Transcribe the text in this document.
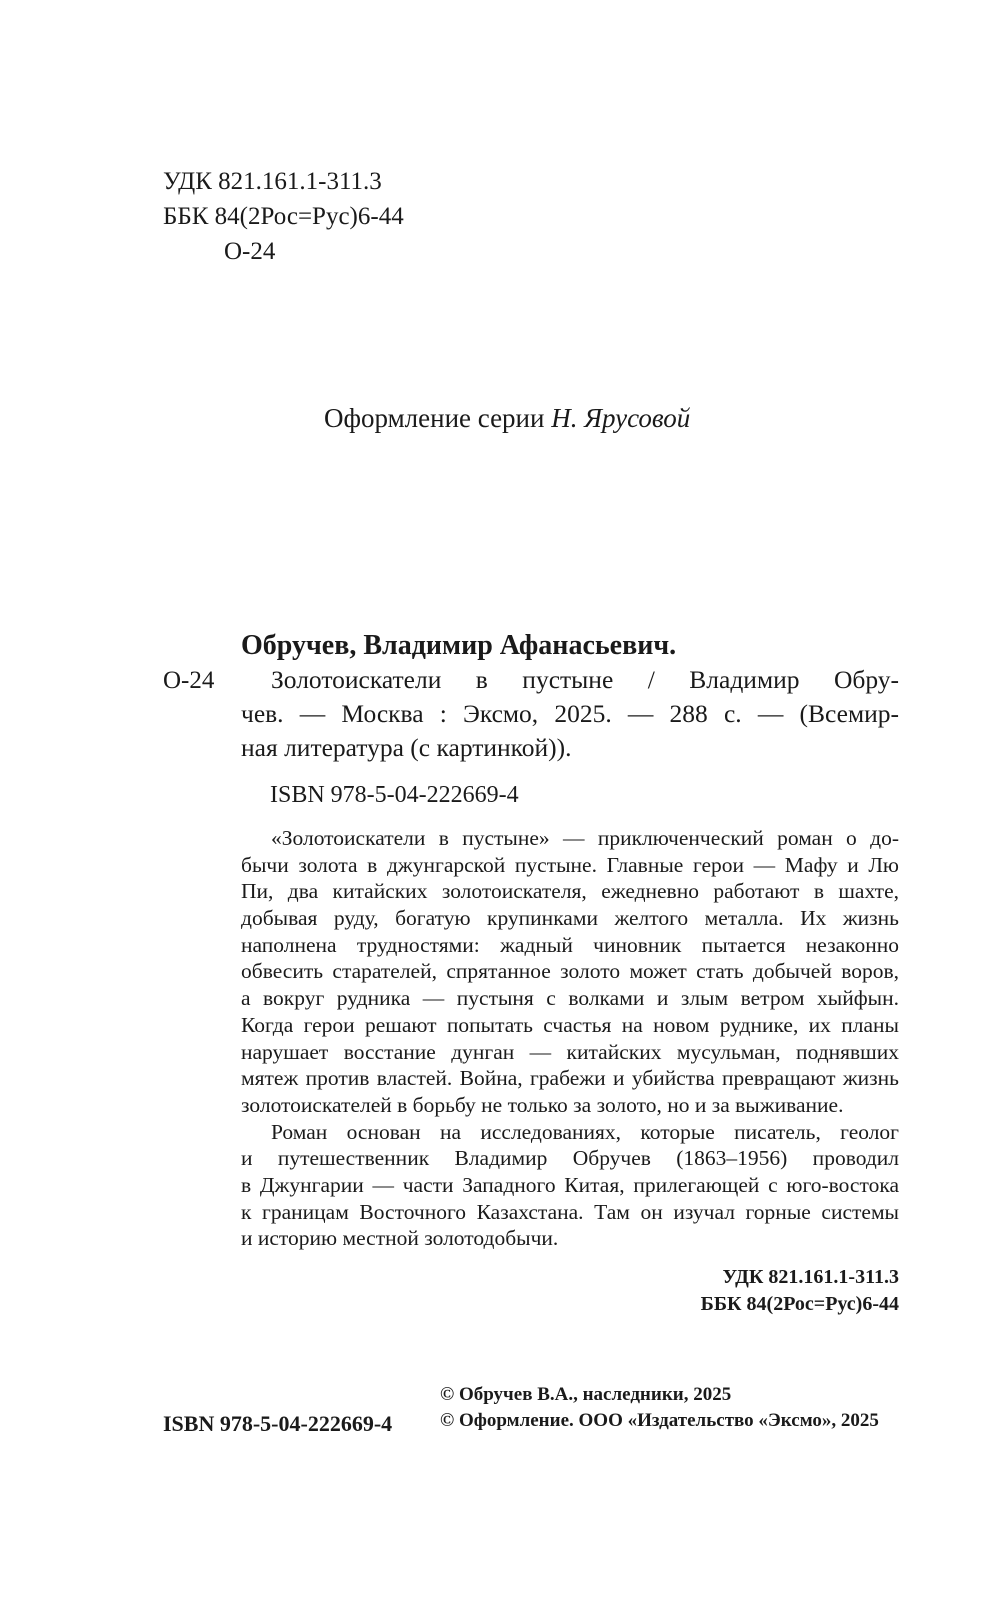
УДК 821.161.1-311.3
ББК 84(2Рос=Рус)6-44
О-24
Оформление серии Н. Ярусовой
Обручев, Владимир Афанасьевич.
О-24	Золотоискатели в пустыне / Владимир Обру-
чев. — Москва : Эксмо, 2025. — 288 с. — (Всемир-
ная литература (с картинкой)).
ISBN 978-5-04-222669-4
«Золотоискатели в пустыне» — приключенческий роман о до-
бычи золота в джунгарской пустыне. Главные герои — Мафу и Лю
Пи, два китайских золотоискателя, ежедневно работают в шахте,
добывая руду, богатую крупинками желтого металла. Их жизнь
наполнена трудностями: жадный чиновник пытается незаконно
обвесить старателей, спрятанное золото может стать добычей воров,
а вокруг рудника — пустыня с волками и злым ветром хыйфын.
Когда герои решают попытать счастья на новом руднике, их планы
нарушает восстание дунган — китайских мусульман, поднявших
мятеж против властей. Война, грабежи и убийства превращают жизнь
золотоискателей в борьбу не только за золото, но и за выживание.
Роман основан на исследованиях, которые писатель, геолог
и путешественник Владимир Обручев (1863–1956) проводил
в Джунгарии — части Западного Китая, прилегающей с юго-востока
к границам Восточного Казахстана. Там он изучал горные системы
и историю местной золотодобычи.
УДК 821.161.1-311.3
ББК 84(2Рос=Рус)6-44
ISBN 978-5-04-222669-4
© Обручев В.А., наследники, 2025
© Оформление. ООО «Издательство «Эксмо», 2025
